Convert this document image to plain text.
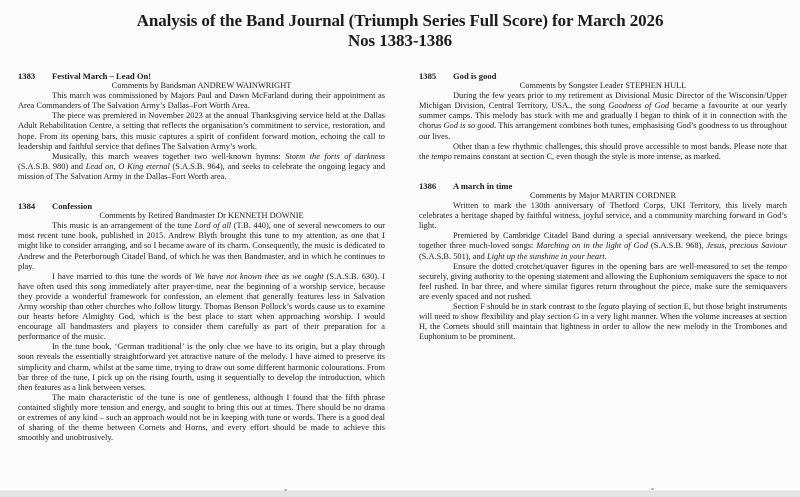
Analysis of the Band Journal (Triumph Series Full Score) for March 2026
Nos 1383-1386
1383	Festival March – Lead On!
Comments by Bandsman ANDREW WAINWRIGHT

This march was commissioned by Majors Paul and Dawn McFarland during their appointment as Area Commanders of The Salvation Army’s Dallas–Fort Worth Area.

The piece was premiered in November 2023 at the annual Thanksgiving service held at the Dallas Adult Rehabilitation Centre, a setting that reflects the organisation’s commitment to service, restoration, and hope. From its opening bars, this music captures a spirit of confident forward motion, echoing the call to leadership and faithful service that defines The Salvation Army’s work.

Musically, this march weaves together two well-known hymns: Storm the forts of darkness (S.A.S.B. 980) and Lead on, O King eternal (S.A.S.B. 964), and seeks to celebrate the ongoing legacy and mission of The Salvation Army in the Dallas–Fort Worth area.

1384	Confession
Comments by Retired Bandmaster Dr KENNETH DOWNIE

This music is an arrangement of the tune Lord of all (T.B. 440), one of several newcomers to our most recent tune book, published in 2015. Andrew Blyth brought this tune to my attention, as one that I might like to consider arranging, and so I became aware of its charm. Consequently, the music is dedicated to Andrew and the Peterborough Citadel Band, of which he was then Bandmaster, and in which he continues to play.

I have married to this tune the words of We have not known thee as we ought (S.A.S.B. 630). I have often used this song immediately after prayer-time, near the beginning of a worship service, because they provide a wonderful framework for confession, an element that generally features less in Salvation Army worship than other churches who follow liturgy. Thomas Benson Pollock’s words cause us to examine our hearts before Almighty God, which is the best place to start when approaching worship. I would encourage all bandmasters and players to consider them carefully as part of their preparation for a performance of the music.

In the tune book, ‘German traditional’ is the only clue we have to its origin, but a play through soon reveals the essentially straightforward yet attractive nature of the melody. I have aimed to preserve its simplicity and charm, whilst at the same time, trying to draw out some different harmonic colourations. From bar three of the tune, I pick up on the rising fourth, using it sequentially to develop the introduction, which then features as a link between verses.

The main characteristic of the tune is one of gentleness, although I found that the fifth phrase contained slightly more tension and energy, and sought to bring this out at times. There should be no drama or extremes of any kind – such an approach would not be in keeping with tune or words. There is a good deal of sharing of the theme between Cornets and Horns, and every effort should be made to achieve this smoothly and unobtrusively.

1385	God is good
Comments by Songster Leader STEPHEN HULL

During the few years prior to my retirement as Divisional Music Director of the Wisconsin/Upper Michigan Division, Central Territory, USA., the song Goodness of God became a favourite at our yearly summer camps. This melody has stuck with me and gradually I began to think of it in connection with the chorus God is so good. This arrangement combines both tunes, emphasising God’s goodness to us throughout our lives.

Other than a few rhythmic challenges, this should prove accessible to most bands. Please note that the tempo remains constant at section C, even though the style is more intense, as marked.

1386	A march in time
Comments by Major MARTIN CORDNER

Written to mark the 130th anniversary of Thetford Corps, UKI Territory, this lively march celebrates a heritage shaped by faithful witness, joyful service, and a community marching forward in God’s light.

Premiered by Cambridge Citadel Band during a special anniversary weekend, the piece brings together three much-loved songs: Marching on in the light of God (S.A.S.B. 968), Jesus, precious Saviour (S.A.S.B. 501), and Light up the sunshine in your heart.

Ensure the dotted crotchet/quaver figures in the opening bars are well-measured to set the tempo securely, giving authority to the opening statement and allowing the Euphonium semiquavers the space to not feel rushed. In bar three, and where similar figures return throughout the piece, make sure the semiquavers are evenly spaced and not rushed.

Section F should be in stark contrast to the legato playing of section E, but those bright instruments will need to show flexibility and play section G in a very light manner. When the volume increases at section H, the Cornets should still maintain that lightness in order to allow the new melody in the Trombones and Euphonium to be prominent.
